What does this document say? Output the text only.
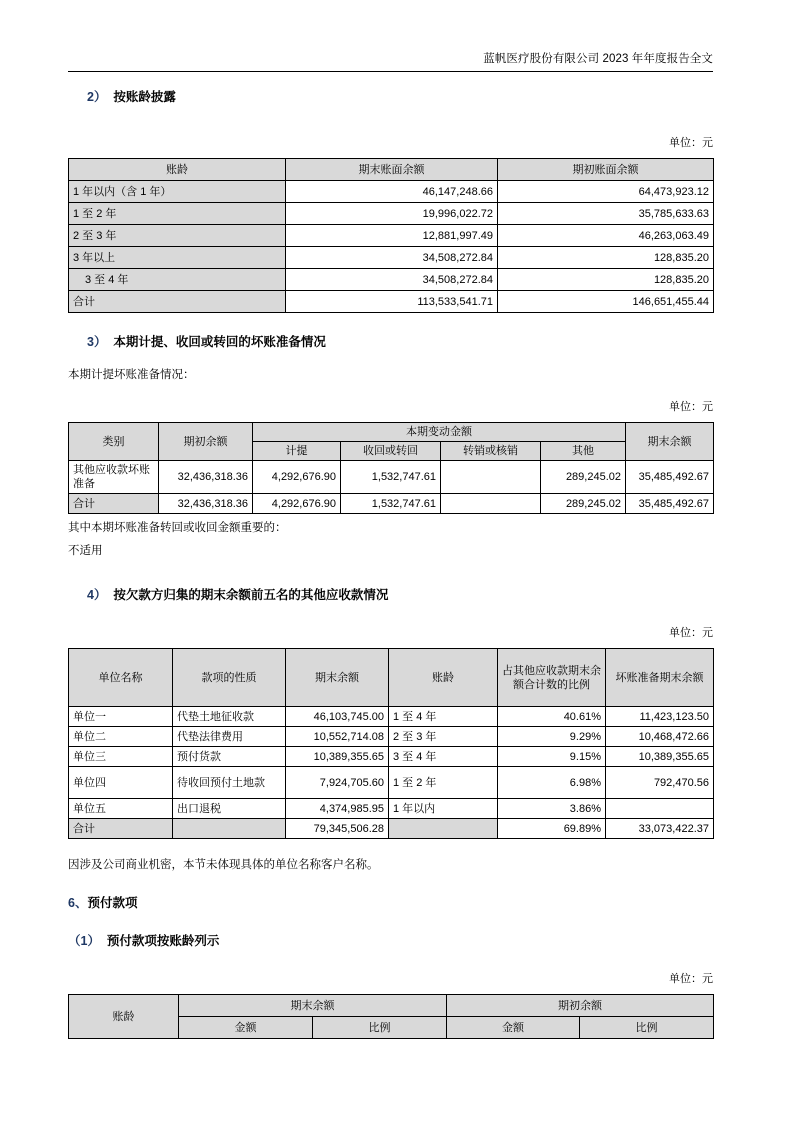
蓝帆医疗股份有限公司 2023 年年度报告全文
2） 按账龄披露
单位：元
账龄	期末账面余额	期初账面余额
1 年以内（含 1 年）	46,147,248.66	64,473,923.12
1 至 2 年	19,996,022.72	35,785,633.63
2 至 3 年	12,881,997.49	46,263,063.49
3 年以上	34,508,272.84	128,835.20
3 至 4 年	34,508,272.84	128,835.20
合计	113,533,541.71	146,651,455.44
3） 本期计提、收回或转回的坏账准备情况
本期计提坏账准备情况：
单位：元
类别	期初余额	本期变动金额				期末余额
		计提	收回或转回	转销或核销	其他	
其他应收款坏账准备	32,436,318.36	4,292,676.90	1,532,747.61		289,245.02	35,485,492.67
合计	32,436,318.36	4,292,676.90	1,532,747.61		289,245.02	35,485,492.67
其中本期坏账准备转回或收回金额重要的：
不适用
4） 按欠款方归集的期末余额前五名的其他应收款情况
单位：元
单位名称	款项的性质	期末余额	账龄	占其他应收款期末余额合计数的比例	坏账准备期末余额
单位一	代垫土地征收款	46,103,745.00	1 至 4 年	40.61%	11,423,123.50
单位二	代垫法律费用	10,552,714.08	2 至 3 年	9.29%	10,468,472.66
单位三	预付货款	10,389,355.65	3 至 4 年	9.15%	10,389,355.65
单位四	待收回预付土地款	7,924,705.60	1 至 2 年	6.98%	792,470.56
单位五	出口退税	4,374,985.95	1 年以内	3.86%	
合计		79,345,506.28		69.89%	33,073,422.37
因涉及公司商业机密，本节未体现具体的单位名称客户名称。
6、预付款项
（1） 预付款项按账龄列示
单位：元
账龄	期末余额		期初余额	
	金额	比例	金额	比例
